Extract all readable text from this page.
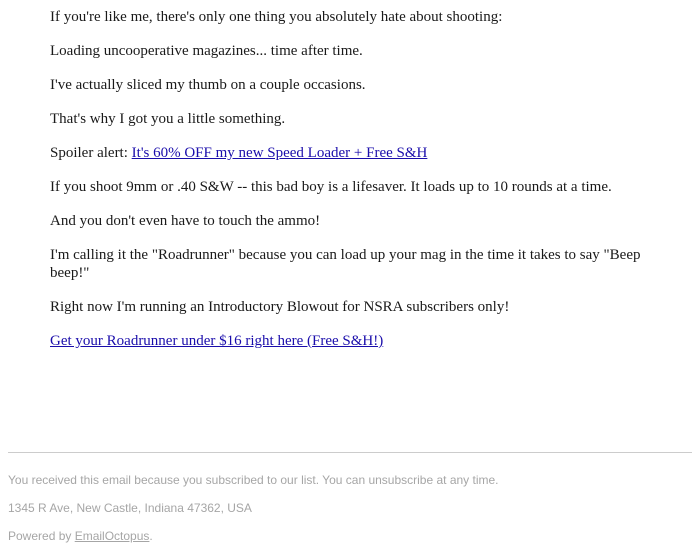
If you're like me, there's only one thing you absolutely hate about shooting:

Loading uncooperative magazines... time after time.

I've actually sliced my thumb on a couple occasions.

That's why I got you a little something.

Spoiler alert: It's 60% OFF my new Speed Loader + Free S&H

If you shoot 9mm or .40 S&W -- this bad boy is a lifesaver. It loads up to 10 rounds at a time.

And you don't even have to touch the ammo!

I'm calling it the "Roadrunner" because you can load up your mag in the time it takes to say "Beep beep!"

Right now I'm running an Introductory Blowout for NSRA subscribers only!

Get your Roadrunner under $16 right here (Free S&H!)

You received this email because you subscribed to our list. You can unsubscribe at any time.

1345 R Ave, New Castle, Indiana 47362, USA

Powered by EmailOctopus.
